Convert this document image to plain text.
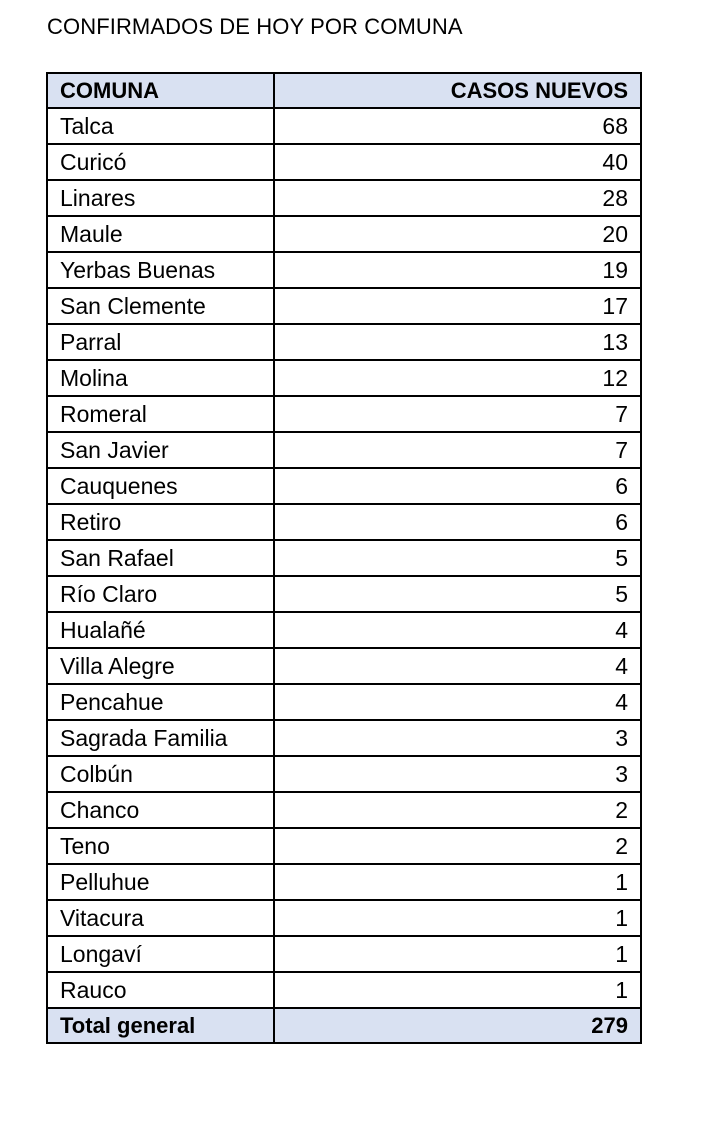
CONFIRMADOS DE HOY POR COMUNA
COMUNA	CASOS NUEVOS
Talca	68
Curicó	40
Linares	28
Maule	20
Yerbas Buenas	19
San Clemente	17
Parral	13
Molina	12
Romeral	7
San Javier	7
Cauquenes	6
Retiro	6
San Rafael	5
Río Claro	5
Hualañé	4
Villa Alegre	4
Pencahue	4
Sagrada Familia	3
Colbún	3
Chanco	2
Teno	2
Pelluhue	1
Vitacura	1
Longaví	1
Rauco	1
Total general	279
